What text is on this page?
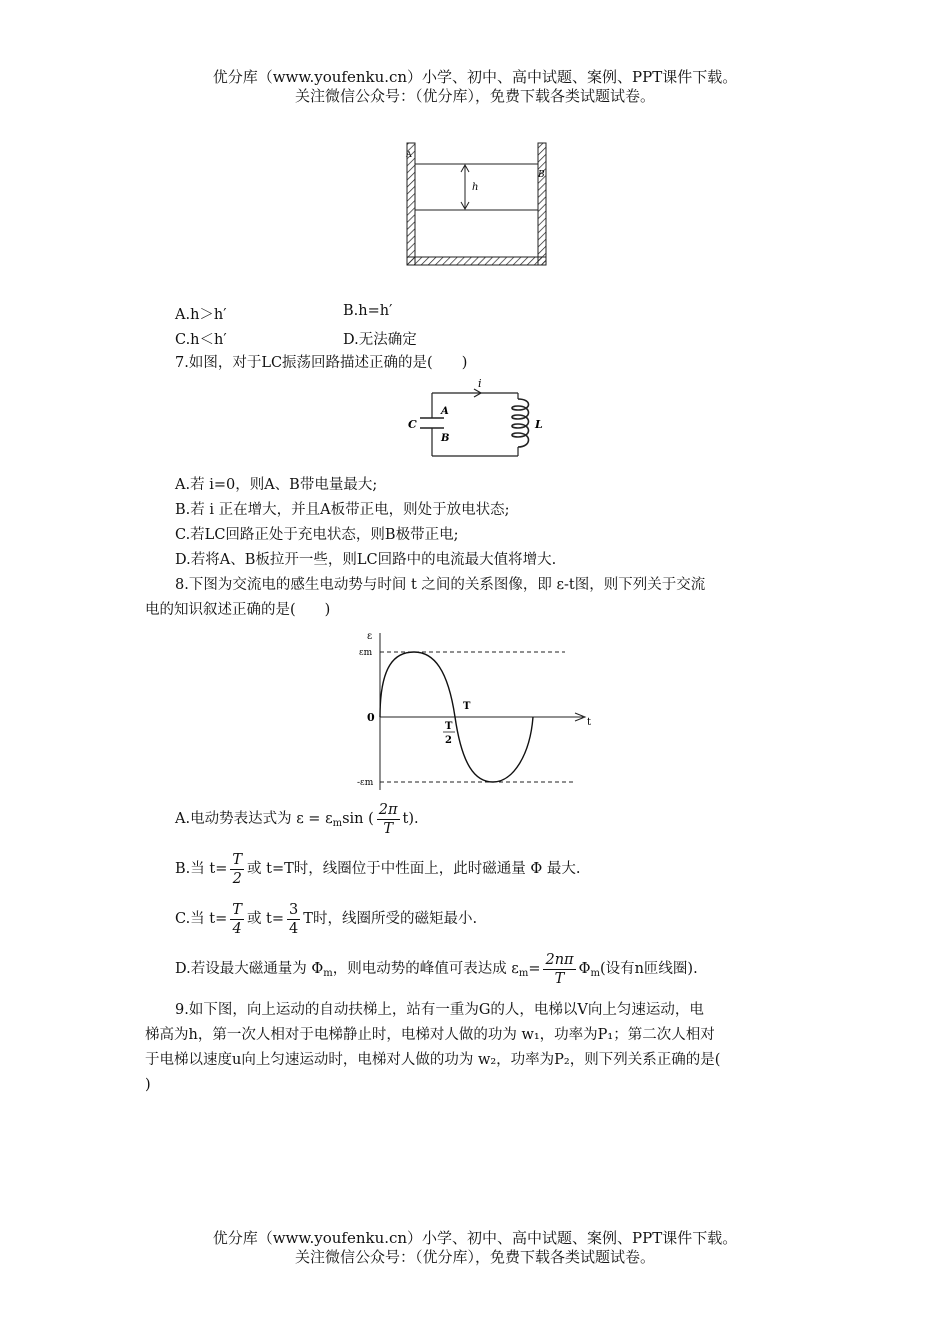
优分库（www.youfenku.cn）小学、初中、高中试题、案例、PPT课件下载。
关注微信公众号：（优分库），免费下载各类试题试卷。
h
A
B
A.h＞h′	B.h=h′
C.h＜h′	D.无法确定
7.如图，对于LC振荡回路描述正确的是(　　)
i
C
A
B
L
A.若 i=0，则A、B带电量最大;
B.若 i 正在增大，并且A板带正电，则处于放电状态;
C.若LC回路正处于充电状态，则B极带正电;
D.若将A、B板拉开一些，则LC回路中的电流最大值将增大.
8.下图为交流电的感生电动势与时间 t 之间的关系图像，即 ε-t图，则下列关于交流
电的知识叙述正确的是(　　)
ε
εm
-εm
0	t
T
T
2
A.电动势表达式为 $\varepsilon = \varepsilon_m\sin$ ( $\frac{2\pi}{T} t$).
B.当 $t= \frac{T}{2}$ 或 t=T时，线圈位于中性面上，此时磁通量 Φ 最大.
C.当 $t= \frac{T}{4}$ 或 $t= \frac{3}{4}$ T时，线圈所受的磁矩最小.
D.若设最大磁通量为 $\Phi_m$，则电动势的峰值可表达成 $\varepsilon_m= \frac{2n\pi}{T} \Phi_m$(设有n匝线圈).
9.如下图，向上运动的自动扶梯上，站有一重为G的人，电梯以V向上匀速运动，电
梯高为h，第一次人相对于电梯静止时，电梯对人做的功为 w₁，功率为P₁；第二次人相对
于电梯以速度u向上匀速运动时，电梯对人做的功为 w₂，功率为P₂，则下列关系正确的是(
)
优分库（www.youfenku.cn）小学、初中、高中试题、案例、PPT课件下载。
关注微信公众号：（优分库），免费下载各类试题试卷。
